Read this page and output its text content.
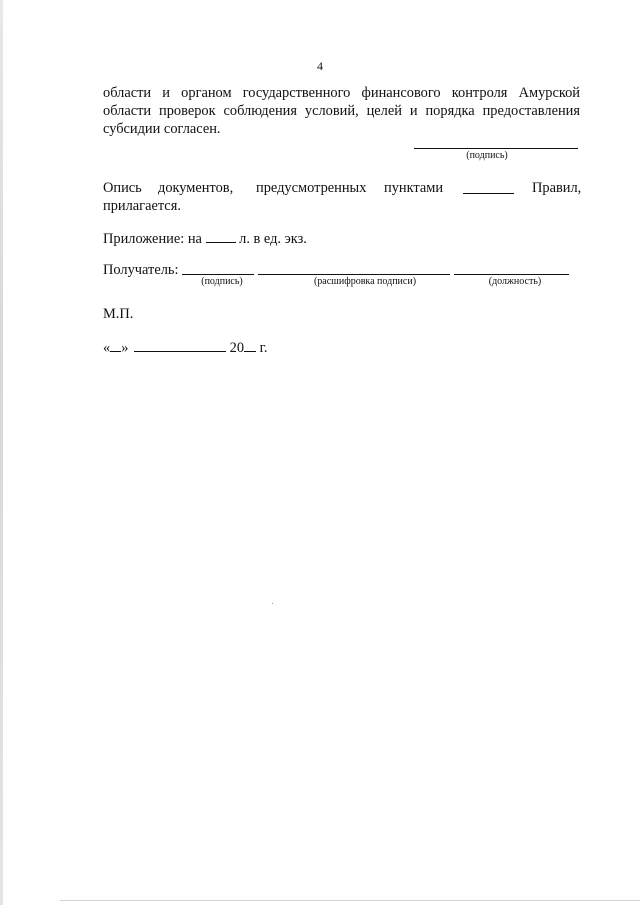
4
области и органом государственного финансового контроля Амурской
области проверок соблюдения условий, целей и порядка предоставления
субсидии согласен.
(подпись)
Опись документов, предусмотренных пунктами	Правил,
прилагается.
Приложение: на	л. в ед. экз.
Получатель:
(подпись)	(расшифровка подписи)	(должность)
М.П.
« »	20 г.
